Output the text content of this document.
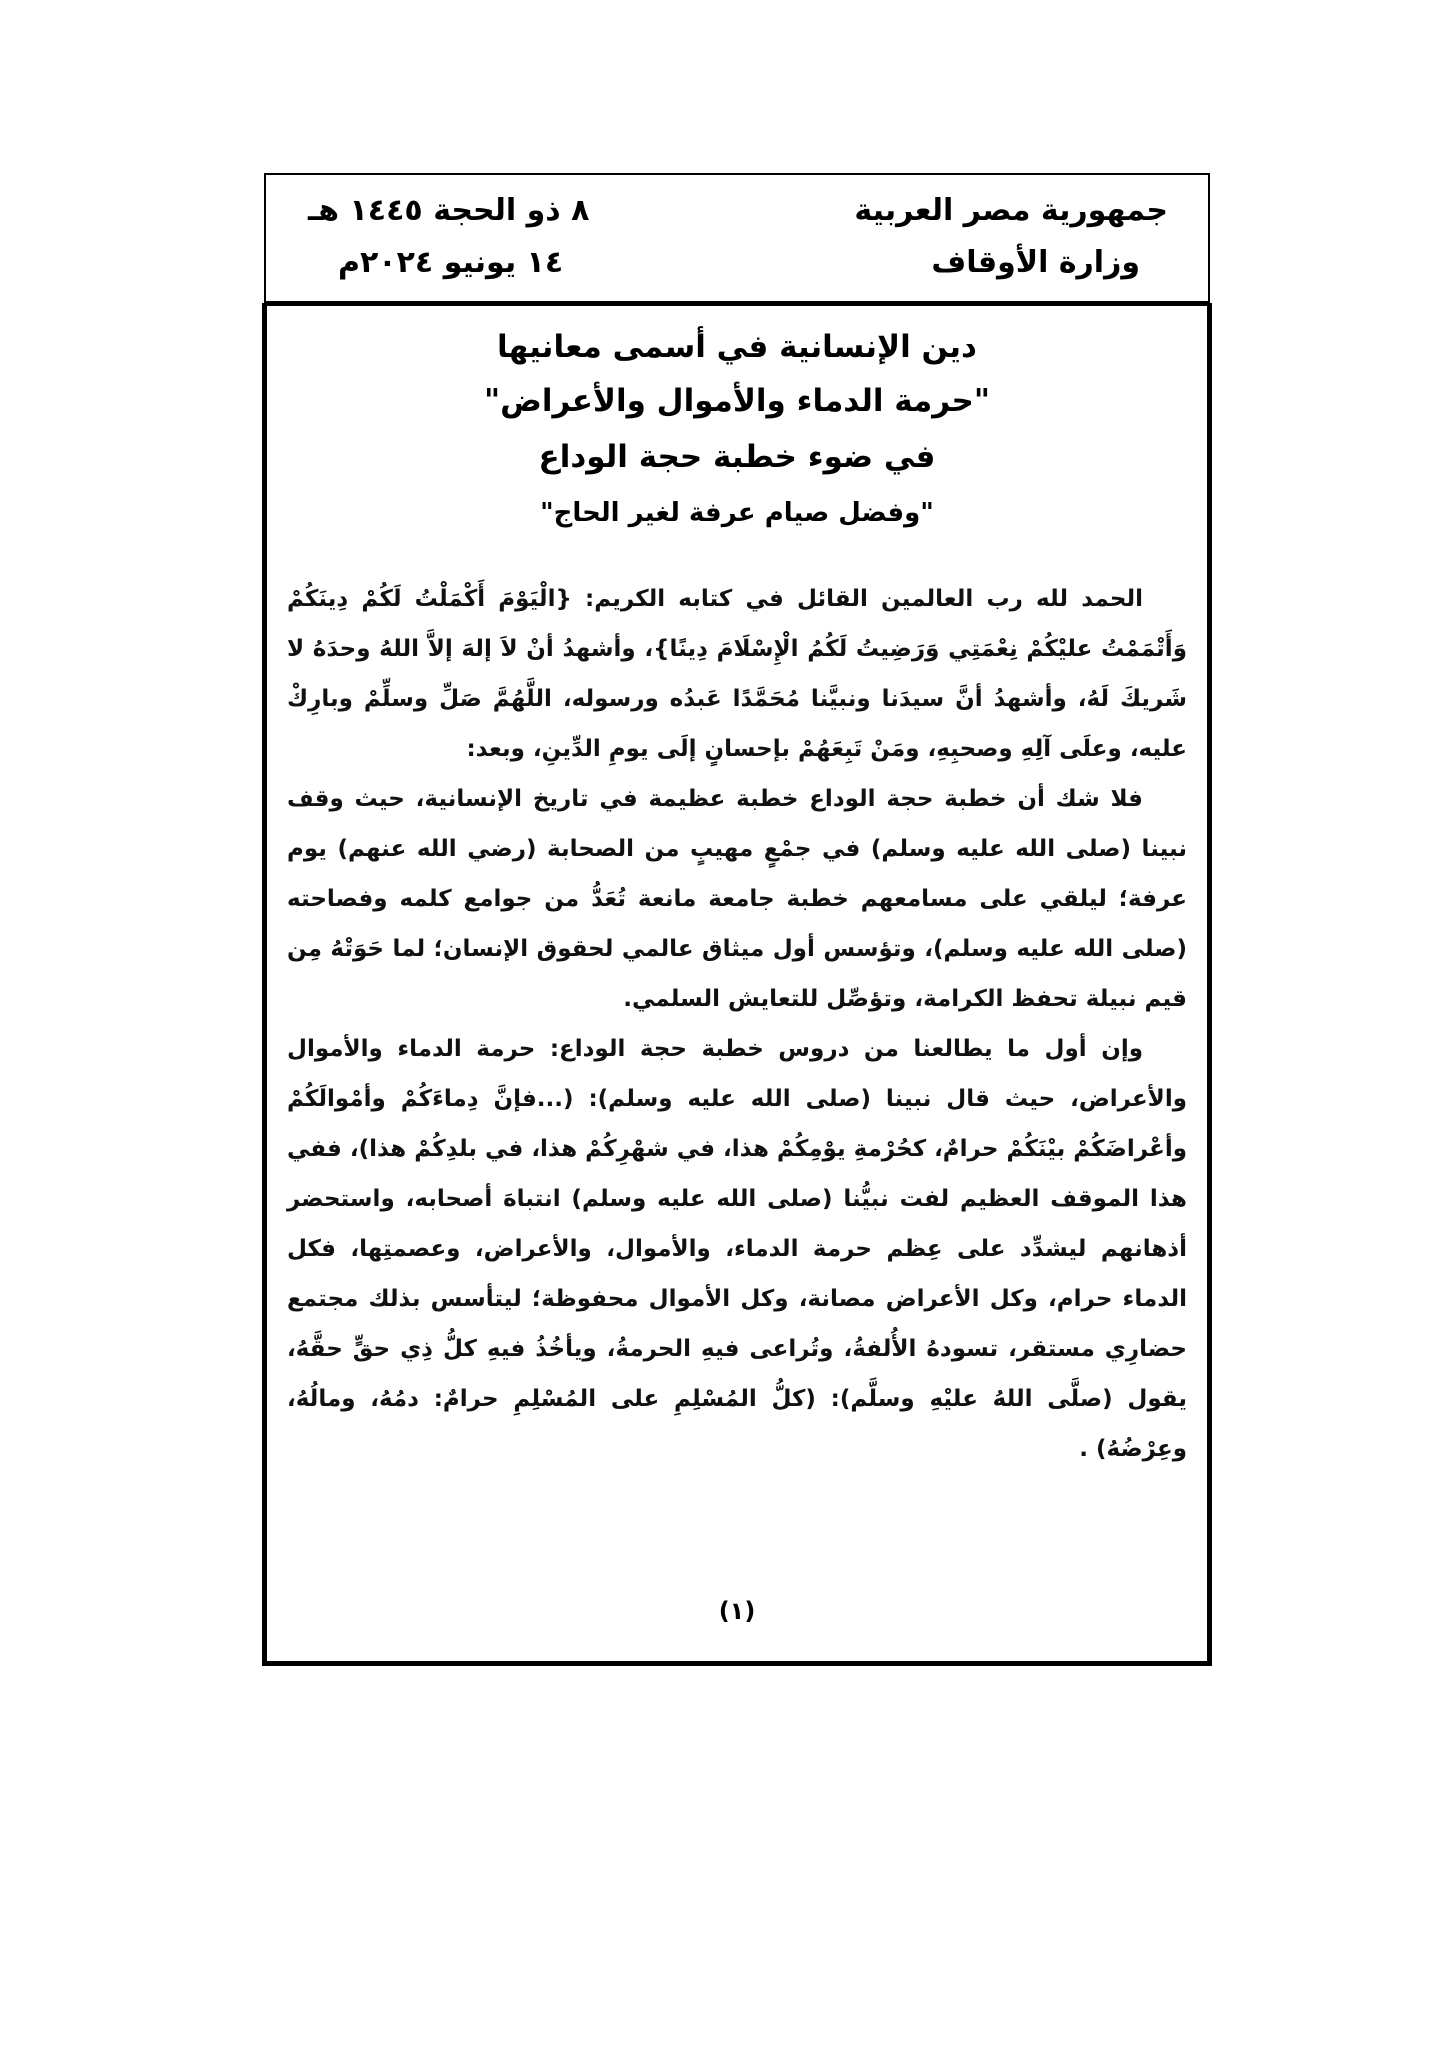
جمهورية مصر العربية
وزارة الأوقاف
٨ ذو الحجة ١٤٤٥ هـ
١٤ يونيو ٢٠٢٤م
دين الإنسانية في أسمى معانيها
"حرمة الدماء والأموال والأعراض"
في ضوء خطبة حجة الوداع
"وفضل صيام عرفة لغير الحاج"

الحمد لله رب العالمين القائل في كتابه الكريم: {الْيَوْمَ أَكْمَلْتُ لَكُمْ دِينَكُمْ وَأَتْمَمْتُ عليْكُمْ نِعْمَتِي وَرَضِيتُ لَكُمُ الْإِسْلَامَ دِينًا}، وأشهدُ أنْ لاَ إلهَ إلاَّ اللهُ وحدَهُ لا شَريكَ لَهُ، وأشهدُ أنَّ سيدَنا ونبيَّنا مُحَمَّدًا عَبدُه ورسوله، اللَّهُمَّ صَلِّ وسلِّمْ وبارِكْ عليه، وعلَى آلِهِ وصحبِهِ، ومَنْ تَبِعَهُمْ بإحسانٍ إلَى يومِ الدِّينِ، وبعد:

فلا شك أن خطبة حجة الوداع خطبة عظيمة في تاريخ الإنسانية، حيث وقف نبينا (صلى الله عليه وسلم) في جمْعٍ مهيبٍ من الصحابة (رضي الله عنهم) يوم عرفة؛ ليلقي على مسامعهم خطبة جامعة مانعة تُعَدُّ من جوامع كلمه وفصاحته (صلى الله عليه وسلم)، وتؤسس أول ميثاق عالمي لحقوق الإنسان؛ لما حَوَتْهُ مِن قيم نبيلة تحفظ الكرامة، وتؤصِّل للتعايش السلمي.

وإن أول ما يطالعنا من دروس خطبة حجة الوداع: حرمة الدماء والأموال والأعراض، حيث قال نبينا (صلى الله عليه وسلم): (...فإنَّ دِماءَكُمْ وأمْوالَكُمْ وأعْراضَكُمْ بيْنَكُمْ حرامٌ، كحُرْمةِ يوْمِكُمْ هذا، في شهْرِكُمْ هذا، في بلدِكُمْ هذا)، ففي هذا الموقف العظيم لفت نبيُّنا (صلى الله عليه وسلم) انتباهَ أصحابه، واستحضر أذهانهم ليشدِّد على عِظم حرمة الدماء، والأموال، والأعراض، وعصمتِها، فكل الدماء حرام، وكل الأعراض مصانة، وكل الأموال محفوظة؛ ليتأسس بذلك مجتمع حضارِي مستقر، تسودهُ الأُلفةُ، وتُراعى فيهِ الحرمةُ، ويأخُذُ فيهِ كلُّ ذِي حقٍّ حقَّهُ، يقول (صلَّى اللهُ عليْهِ وسلَّم): (كلُّ المُسْلِمِ على المُسْلِمِ حرامٌ: دمُهُ، ومالُهُ، وعِرْضُهُ) .

(١)
